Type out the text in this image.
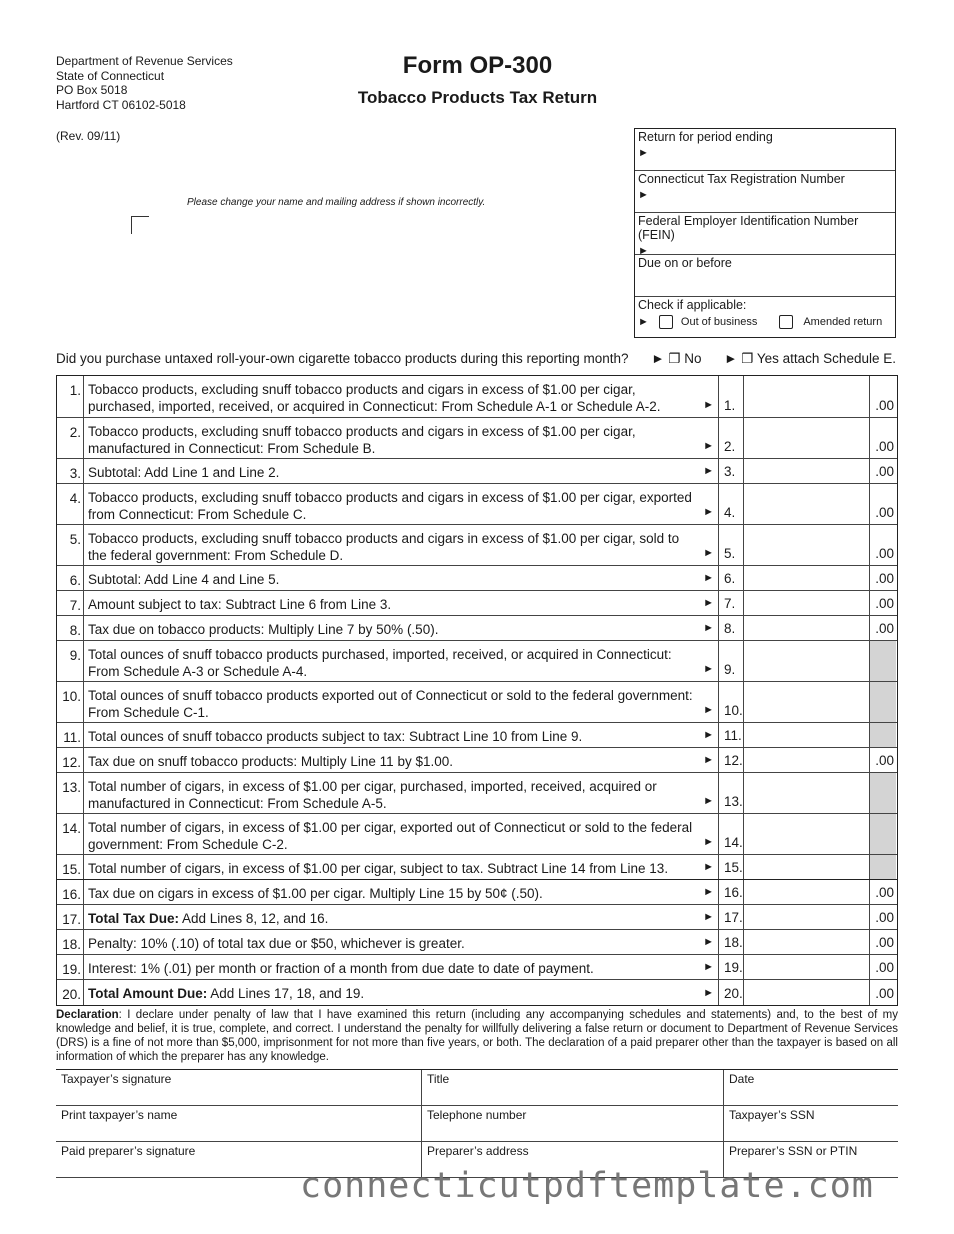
Department of Revenue Services
State of Connecticut
PO Box 5018
Hartford CT 06102-5018
Form OP-300
Tobacco Products Tax Return
(Rev. 09/11)
Please change your name and mailing address if shown incorrectly.
Return for period ending
►
Connecticut Tax Registration Number
►
Federal Employer Identification Number (FEIN)
►
Due on or before
Check if applicable:
►	Out of business	Amended return
Did you purchase untaxed roll-your-own cigarette tobacco products during this reporting month? ► ❐ No ► ❐ Yes attach Schedule E.
1. Tobacco products, excluding snuff tobacco products and cigars in excess of $1.00 per cigar, purchased, imported, received, or acquired in Connecticut: From Schedule A-1 or Schedule A-2.	► 1.	.00
2. Tobacco products, excluding snuff tobacco products and cigars in excess of $1.00 per cigar, manufactured in Connecticut: From Schedule B.	► 2.	.00
3. Subtotal: Add Line 1 and Line 2.	► 3.	.00
4. Tobacco products, excluding snuff tobacco products and cigars in excess of $1.00 per cigar, exported from Connecticut: From Schedule C.	► 4.	.00
5. Tobacco products, excluding snuff tobacco products and cigars in excess of $1.00 per cigar, sold to the federal government: From Schedule D.	► 5.	.00
6. Subtotal: Add Line 4 and Line 5.	► 6.	.00
7. Amount subject to tax: Subtract Line 6 from Line 3.	► 7.	.00
8. Tax due on tobacco products: Multiply Line 7 by 50% (.50).	► 8.	.00
9. Total ounces of snuff tobacco products purchased, imported, received, or acquired in Connecticut: From Schedule A-3 or Schedule A-4.	► 9.
10. Total ounces of snuff tobacco products exported out of Connecticut or sold to the federal government: From Schedule C-1.	► 10.
11. Total ounces of snuff tobacco products subject to tax: Subtract Line 10 from Line 9.	► 11.
12. Tax due on snuff tobacco products: Multiply Line 11 by $1.00.	► 12.	.00
13. Total number of cigars, in excess of $1.00 per cigar, purchased, imported, received, acquired or manufactured in Connecticut: From Schedule A-5.	► 13.
14. Total number of cigars, in excess of $1.00 per cigar, exported out of Connecticut or sold to the federal government: From Schedule C-2.	► 14.
15. Total number of cigars, in excess of $1.00 per cigar, subject to tax. Subtract Line 14 from Line 13.	► 15.
16. Tax due on cigars in excess of $1.00 per cigar. Multiply Line 15 by 50¢ (.50).	► 16.	.00
17. Total Tax Due: Add Lines 8, 12, and 16.	► 17.	.00
18. Penalty: 10% (.10) of total tax due or $50, whichever is greater.	► 18.	.00
19. Interest: 1% (.01) per month or fraction of a month from due date to date of payment.	► 19.	.00
20. Total Amount Due: Add Lines 17, 18, and 19.	► 20.	.00
Declaration: I declare under penalty of law that I have examined this return (including any accompanying schedules and statements) and, to the best of my knowledge and belief, it is true, complete, and correct. I understand the penalty for willfully delivering a false return or document to Department of Revenue Services (DRS) is a fine of not more than $5,000, imprisonment for not more than five years, or both. The declaration of a paid preparer other than the taxpayer is based on all information of which the preparer has any knowledge.
Taxpayer’s signature	Title	Date
Print taxpayer’s name	Telephone number	Taxpayer’s SSN
Paid preparer’s signature	Preparer’s address	Preparer’s SSN or PTIN
connecticutpdftemplate.com
